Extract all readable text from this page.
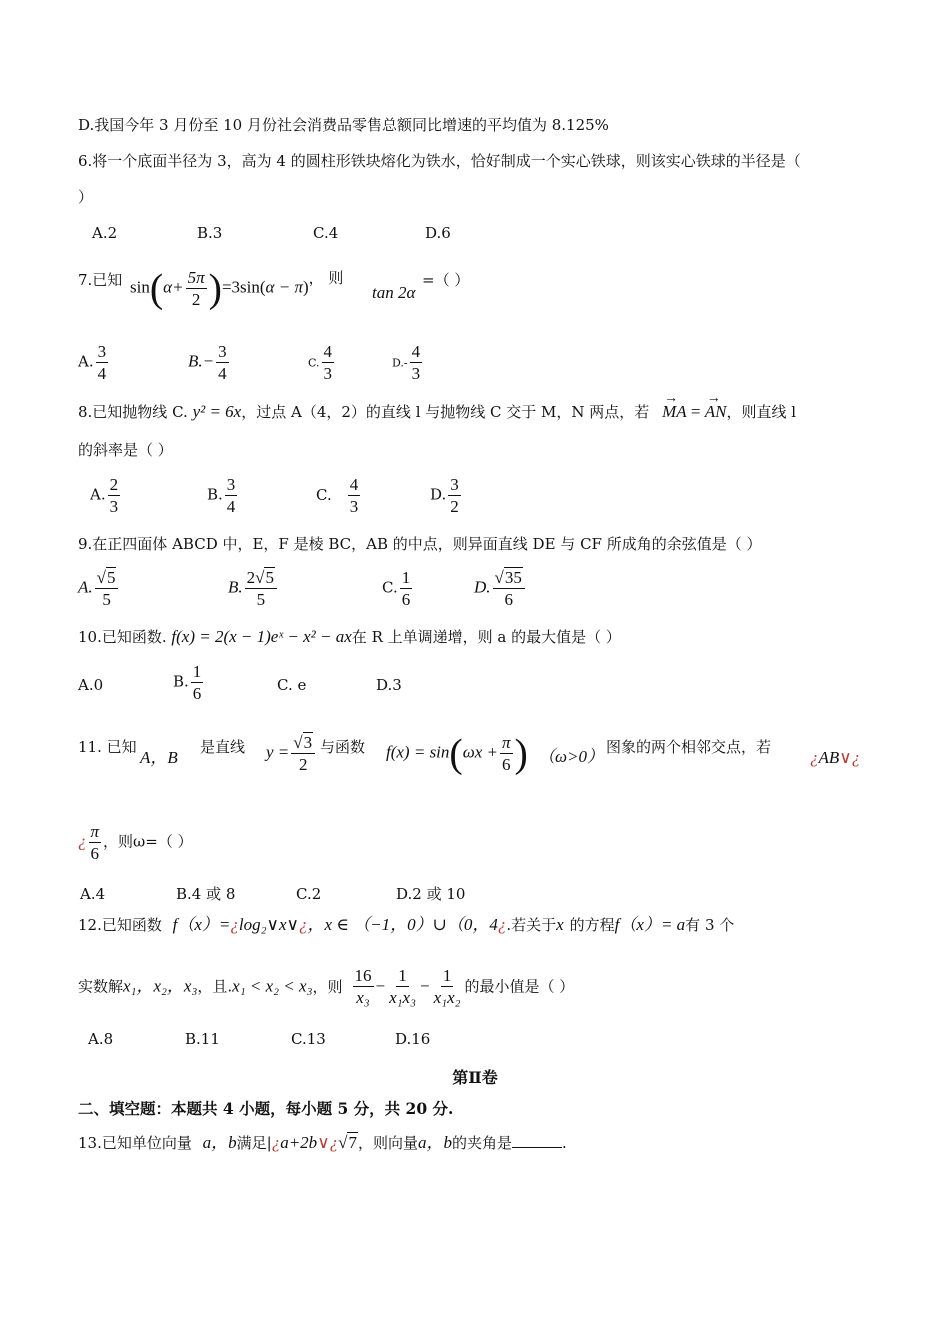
D.我国今年 3 月份至 10 月份社会消费品零售总额同比增速的平均值为 8.125%
6.将一个底面半径为 3，高为 4 的圆柱形铁块熔化为铁水，恰好制成一个实心铁球，则该实心铁球的半径是（
）
A.2	B.3	C.4	D.6
7.已知 $\sin(\alpha+ \frac{5\pi}{2} )=3\sin(\alpha - \pi)$， 则
tan 2α
=（ ）
A. $\frac{3}{4}$	$B.- \frac{3}{4}$	C. $\frac{4}{3}$	$D.- \frac{4}{3}$
8.已知抛物线 C. y² = 6x，过点 A（4，2）的直线 l 与抛物线 C 交于 M，N 两点，若 → MA = → AN，则直线 l
的斜率是（ ）
A. $\frac{2}{3}$	B. $\frac{3}{4}$	C. $\frac{4}{3}$	D. $\frac{3}{2}$
9.在正四面体 ABCD 中，E，F 是棱 BC，AB 的中点，则异面直线 DE 与 CF 所成角的余弦值是（ ）
A. $\frac{√5}{5}$	B. $\frac{2√5}{5}$	C. $\frac{1}{6}$	D. $\frac{√35}{6}$
10.已知函数. f(x) = 2(x − 1)eˣ − x² − ax在 R 上单调递增，则 a 的最大值是（ ）
A.0	B. $\frac{1}{6}$	C. e	D.3
11. 已知
A，B
是直线 $y = \frac{√3}{2}$ 与函数 $f(x) = \sin(\omega x + \frac{\pi}{6}$ ) （ω>0） 图象的两个相邻交点，若
¿AB∨¿
¿ $\frac{\pi}{6}$ ，则ω=（ ）
A.4	B.4 或 8	C.2	D.2 或 10
12.已知函数 f（x）=¿log₂∨x∨¿，x ∈ （−1，0）∪（0，4¿.若关于x 的方程f（x）= a有 3 个
实数解x₁，x₂，x₃，且.x₁ < x₂ < x₃，则 $\frac{16}{\text{x₃}} - \frac{1}{\text{x₁x₃}} - \frac{1}{\text{x₁x₂}}$ 的最小值是（ ）
A.8	B.11	C.13	D.16
第Ⅱ卷
二、填空题：本题共 4 小题，每小题 5 分，共 20 分.
13.已知单位向量 a，b满足|¿a+2b∨¿√7，则向量a，b的夹角是	.
